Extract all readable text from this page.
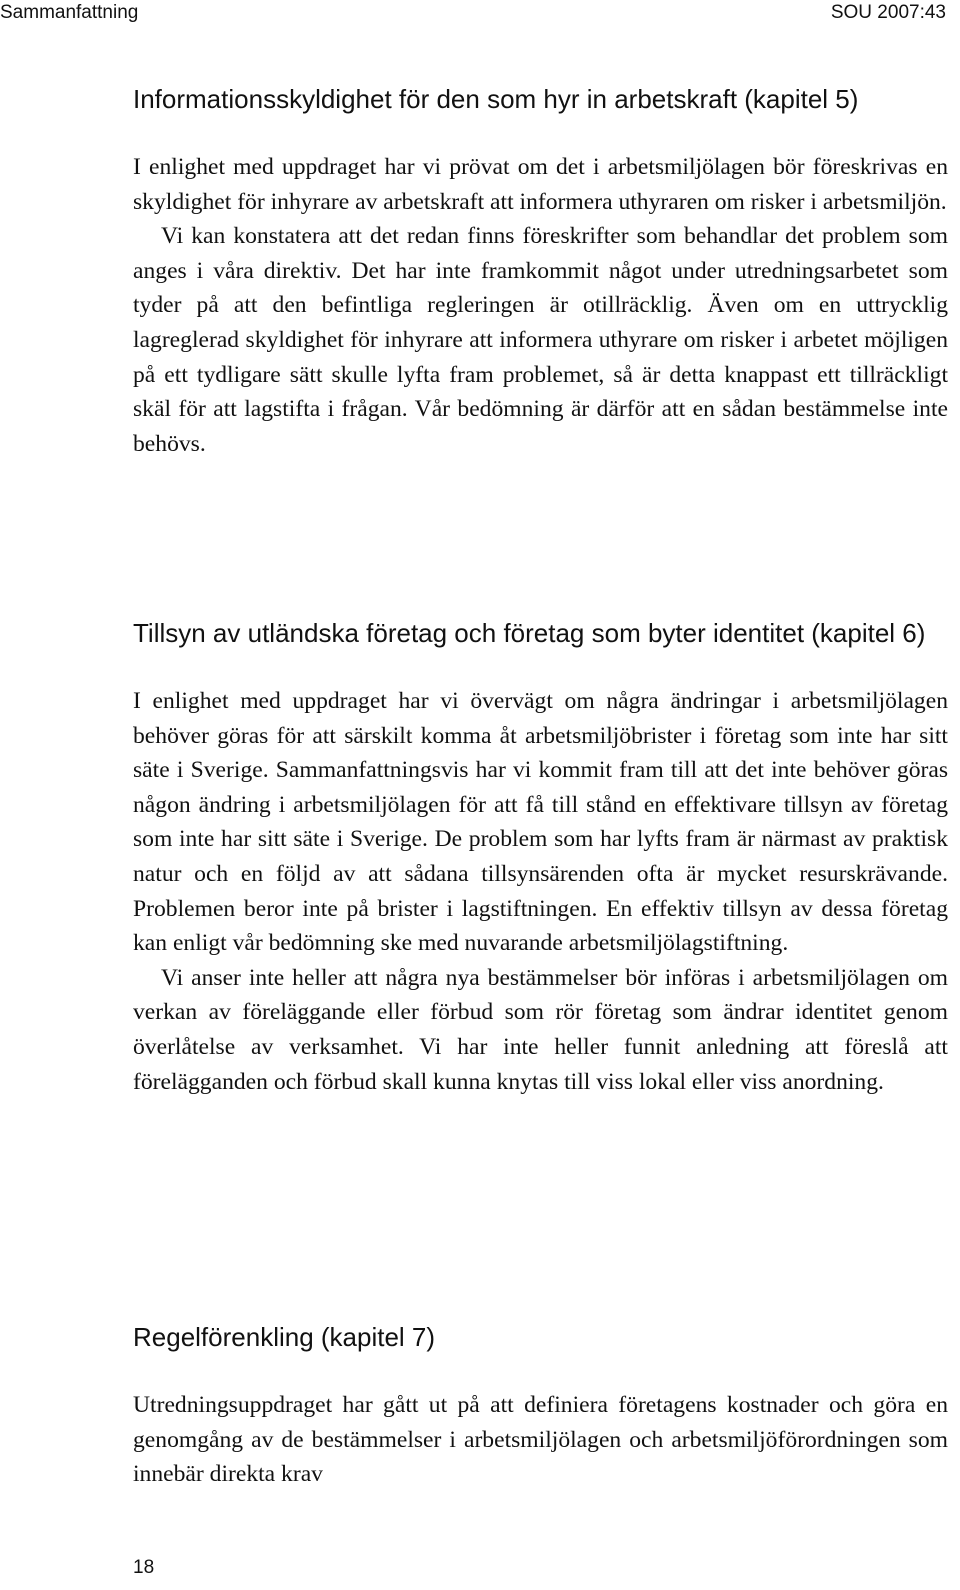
Sammanfattning	SOU 2007:43
Informationsskyldighet för den som hyr in arbetskraft (kapitel 5)

I enlighet med uppdraget har vi prövat om det i arbetsmiljölagen bör föreskrivas en skyldighet för inhyrare av arbetskraft att informera uthyraren om risker i arbetsmiljön.

Vi kan konstatera att det redan finns föreskrifter som behandlar det problem som anges i våra direktiv. Det har inte framkommit något under utredningsarbetet som tyder på att den befintliga regleringen är otillräcklig. Även om en uttrycklig lagreglerad skyldighet för inhyrare att informera uthyrare om risker i arbetet möjligen på ett tydligare sätt skulle lyfta fram problemet, så är detta knappast ett tillräckligt skäl för att lagstifta i frågan. Vår bedömning är därför att en sådan bestämmelse inte behövs.

Tillsyn av utländska företag och företag som byter identitet (kapitel 6)

I enlighet med uppdraget har vi övervägt om några ändringar i arbetsmiljölagen behöver göras för att särskilt komma åt arbetsmiljöbrister i företag som inte har sitt säte i Sverige. Sammanfattningsvis har vi kommit fram till att det inte behöver göras någon ändring i arbetsmiljölagen för att få till stånd en effektivare tillsyn av företag som inte har sitt säte i Sverige. De problem som har lyfts fram är närmast av praktisk natur och en följd av att sådana tillsynsärenden ofta är mycket resurskrävande. Problemen beror inte på brister i lagstiftningen. En effektiv tillsyn av dessa företag kan enligt vår bedömning ske med nuvarande arbetsmiljölagstiftning.

Vi anser inte heller att några nya bestämmelser bör införas i arbetsmiljölagen om verkan av föreläggande eller förbud som rör företag som ändrar identitet genom överlåtelse av verksamhet. Vi har inte heller funnit anledning att föreslå att förelägganden och förbud skall kunna knytas till viss lokal eller viss anordning.

Regelförenkling (kapitel 7)

Utredningsuppdraget har gått ut på att definiera företagens kostnader och göra en genomgång av de bestämmelser i arbetsmiljölagen och arbetsmiljöförordningen som innebär direkta krav

18
